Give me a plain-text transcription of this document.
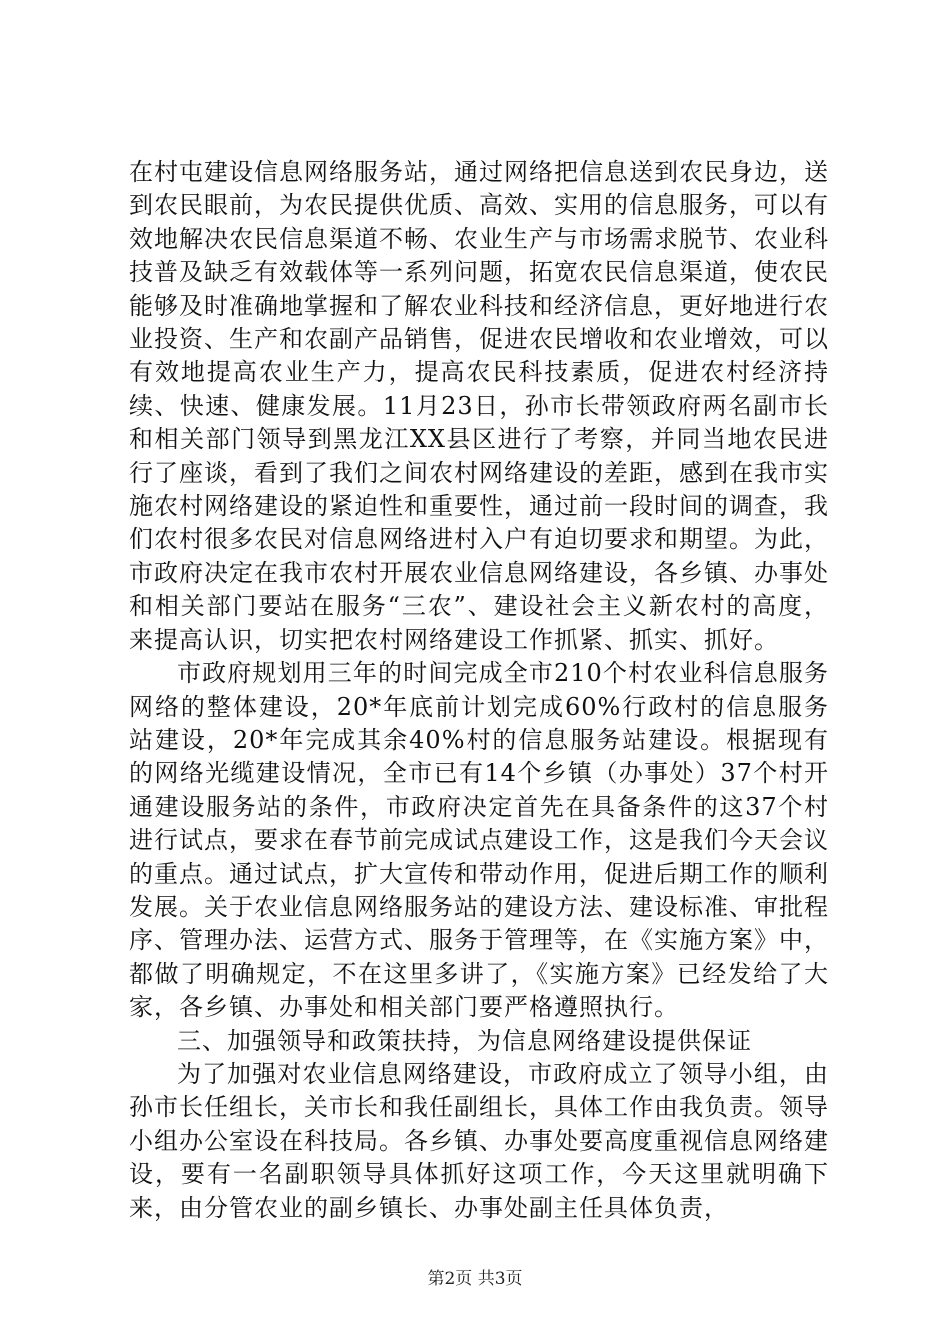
在村屯建设信息网络服务站，通过网络把信息送到农民身边，送到农民眼前，为农民提供优质、高效、实用的信息服务，可以有效地解决农民信息渠道不畅、农业生产与市场需求脱节、农业科技普及缺乏有效载体等一系列问题，拓宽农民信息渠道，使农民能够及时准确地掌握和了解农业科技和经济信息，更好地进行农业投资、生产和农副产品销售，促进农民增收和农业增效，可以有效地提高农业生产力，提高农民科技素质，促进农村经济持续、快速、健康发展。11月23日，孙市长带领政府两名副市长和相关部门领导到黑龙江XX县区进行了考察，并同当地农民进行了座谈，看到了我们之间农村网络建设的差距，感到在我市实施农村网络建设的紧迫性和重要性，通过前一段时间的调查，我们农村很多农民对信息网络进村入户有迫切要求和期望。为此，市政府决定在我市农村开展农业信息网络建设，各乡镇、办事处和相关部门要站在服务“三农”、建设社会主义新农村的高度，来提高认识，切实把农村网络建设工作抓紧、抓实、抓好。

市政府规划用三年的时间完成全市210个村农业科信息服务网络的整体建设，20*年底前计划完成60%行政村的信息服务站建设，20*年完成其余40%村的信息服务站建设。根据现有的网络光缆建设情况，全市已有14个乡镇（办事处）37个村开通建设服务站的条件，市政府决定首先在具备条件的这37个村进行试点，要求在春节前完成试点建设工作，这是我们今天会议的重点。通过试点，扩大宣传和带动作用，促进后期工作的顺利发展。关于农业信息网络服务站的建设方法、建设标准、审批程序、管理办法、运营方式、服务于管理等，在《实施方案》中，都做了明确规定，不在这里多讲了，《实施方案》已经发给了大家，各乡镇、办事处和相关部门要严格遵照执行。

三、加强领导和政策扶持，为信息网络建设提供保证

为了加强对农业信息网络建设，市政府成立了领导小组，由孙市长任组长，关市长和我任副组长，具体工作由我负责。领导小组办公室设在科技局。各乡镇、办事处要高度重视信息网络建设，要有一名副职领导具体抓好这项工作，今天这里就明确下来，由分管农业的副乡镇长、办事处副主任具体负责，

第2页 共3页
